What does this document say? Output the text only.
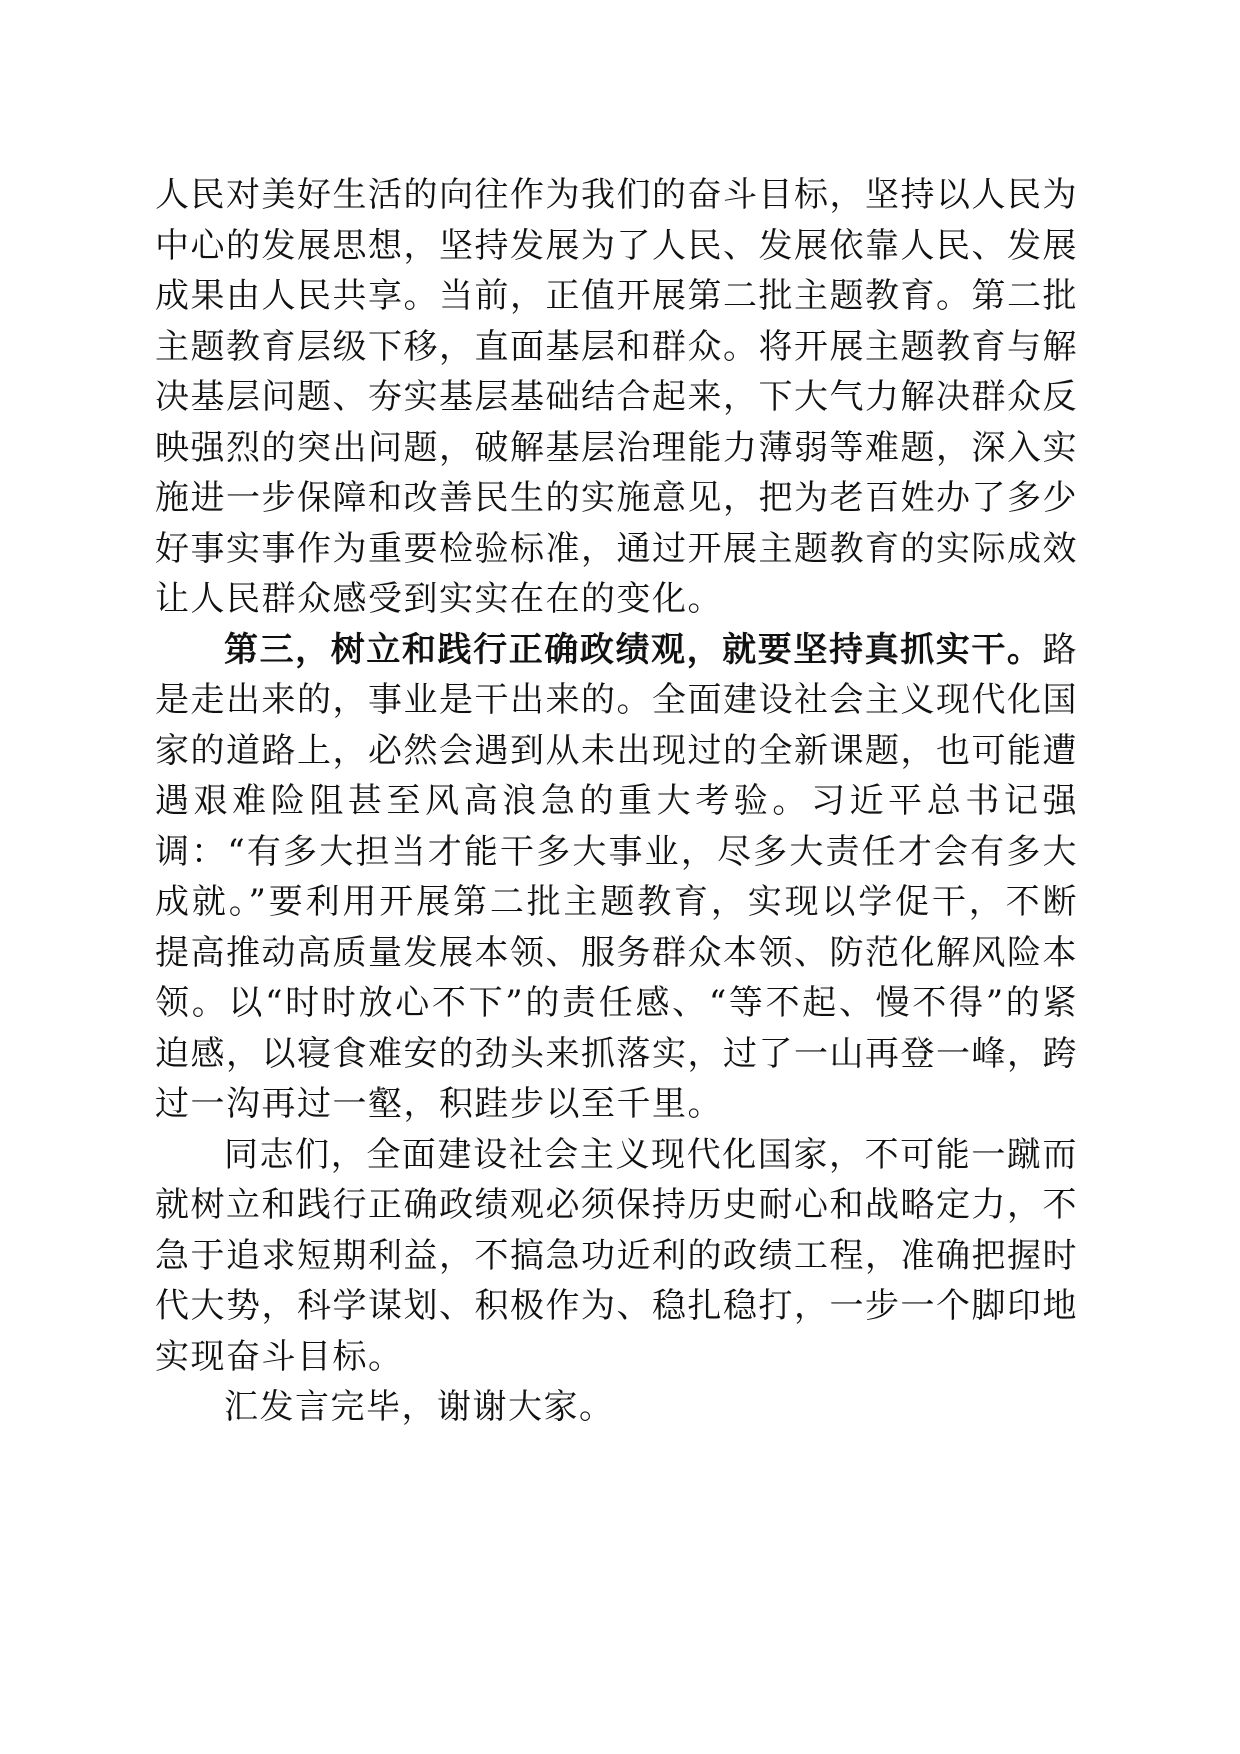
人民对美好生活的向往作为我们的奋斗目标，坚持以人民为中心的发展思想，坚持发展为了人民、发展依靠人民、发展成果由人民共享。当前，正值开展第二批主题教育。第二批主题教育层级下移，直面基层和群众。将开展主题教育与解决基层问题、夯实基层基础结合起来，下大气力解决群众反映强烈的突出问题，破解基层治理能力薄弱等难题，深入实施进一步保障和改善民生的实施意见，把为老百姓办了多少好事实事作为重要检验标准，通过开展主题教育的实际成效让人民群众感受到实实在在的变化。

第三，树立和践行正确政绩观，就要坚持真抓实干。路是走出来的，事业是干出来的。全面建设社会主义现代化国家的道路上，必然会遇到从未出现过的全新课题，也可能遭遇艰难险阻甚至风高浪急的重大考验。习近平总书记强调：“有多大担当才能干多大事业，尽多大责任才会有多大成就。”要利用开展第二批主题教育，实现以学促干，不断提高推动高质量发展本领、服务群众本领、防范化解风险本领。以“时时放心不下”的责任感、“等不起、慢不得”的紧迫感，以寝食难安的劲头来抓落实，过了一山再登一峰，跨过一沟再过一壑，积跬步以至千里。

同志们，全面建设社会主义现代化国家，不可能一蹴而就树立和践行正确政绩观必须保持历史耐心和战略定力，不急于追求短期利益，不搞急功近利的政绩工程，准确把握时代大势，科学谋划、积极作为、稳扎稳打，一步一个脚印地实现奋斗目标。

汇发言完毕，谢谢大家。
